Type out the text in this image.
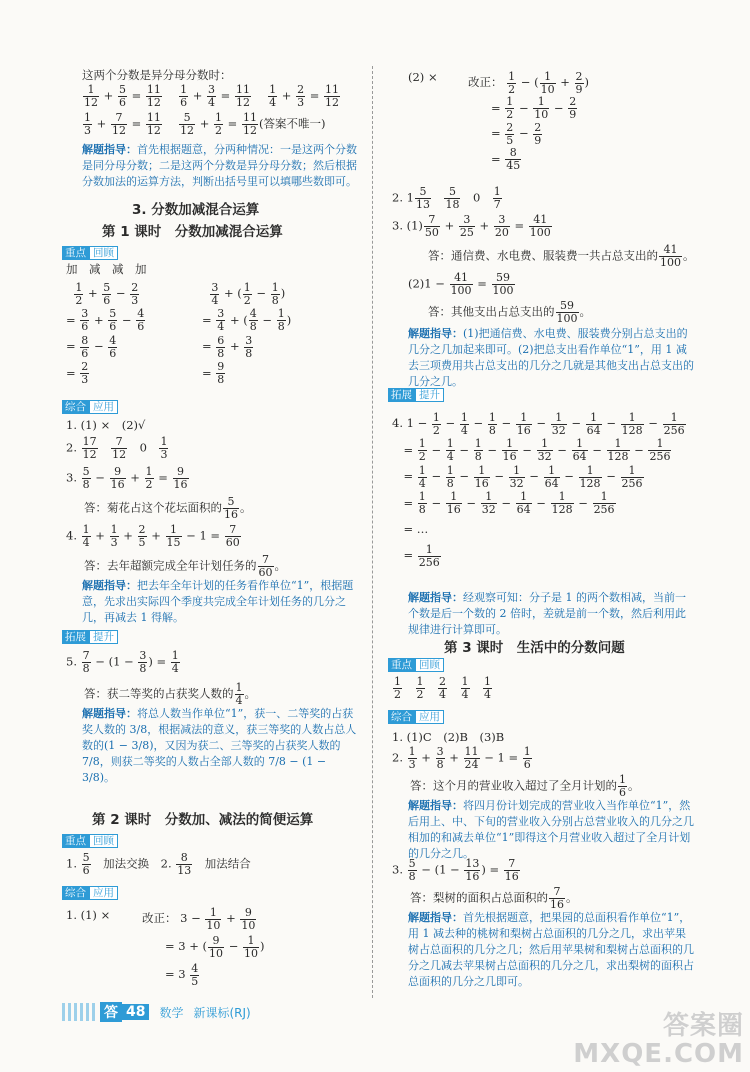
这两个分数是异分母分数时：
$\frac{1}{12} + \frac{5}{6} = \frac{11}{12}$
　 $\frac{1}{6} + \frac{3}{4} = \frac{11}{12}$
　 $\frac{1}{4} + \frac{2}{3} = \frac{11}{12}$
$\frac{1}{3} + \frac{7}{12} = \frac{11}{12}$
　 $\frac{5}{12} + \frac{1}{2} = \frac{11}{12}$ (答案不唯一)
解题指导：首先根据题意，分两种情况：一是这两个分数是同分母分数；二是这两个分数是异分母分数；然后根据分数加法的运算方法，判断出括号里可以填哪些数即可。
3. 分数加减混合运算
第 1 课时　分数加减混合运算
重点 回顾
加　减　减　加

$\frac{1}{2} + \frac{5}{6} - \frac{2}{3}$

= $\frac{3}{6} + \frac{5}{6} - \frac{4}{6}$

= $\frac{8}{6} - \frac{4}{6}$

= $\frac{2}{3}$

$\frac{3}{4}$ + ( $\frac{1}{2} - \frac{1}{8}$ )
= $\frac{3}{4}$ + ( $\frac{4}{8} - \frac{1}{8}$ )
= $\frac{6}{8} + \frac{3}{8}$

= $\frac{9}{8}$
综合 应用
1. (1) ×　(2)√
2. $\frac{17}{12}$
　 $\frac{7}{12}$ 　0　 $\frac{1}{3}$
3. $\frac{5}{8} - \frac{9}{16} + \frac{1}{2} = \frac{9}{16}$
答：菊花占这个花坛面积的 $\frac{5}{16}$ 。
4. $\frac{1}{4} + \frac{1}{3} + \frac{2}{5} + \frac{1}{15} - 1 = \frac{7}{60}$
答：去年超额完成全年计划任务的 $\frac{7}{60}$ 。
解题指导：把去年全年计划的任务看作单位“1”，根据题意，先求出实际四个季度共完成全年计划任务的几分之几，再减去 1 得解。
拓展 提升
5. $\frac{7}{8} - (1 - \frac{3}{8}$ ) = $\frac{1}{4}$
答：获二等奖的占获奖人数的 $\frac{1}{4}$ 。
解题指导：将总人数当作单位“1”，获一、二等奖的占获奖人数的 3/8，根据减法的意义，获三等奖的人数占总人数的(1 − 3/8)，又因为获二、三等奖的占获奖人数的 7/8，则获二等奖的人数占全部人数的 7/8 − (1 − 3/8)。
第 2 课时　分数加、减法的简便运算
重点 回顾
1. $\frac{5}{6}$
　 加法交换　2. $\frac{8}{13}$
　 加法结合
综合 应用
1. (1) ×	改正： $3 - \frac{1}{10} + \frac{9}{10}$

　　= 3 + ( $\frac{9}{10} - \frac{1}{10}$ )
　　= $3 \frac{4}{5}$
(2) ×	改正： $\frac{1}{2}$ − ( $\frac{1}{10} + \frac{2}{9}$ )
　　= $\frac{1}{2} - \frac{1}{10} - \frac{2}{9}$

　　= $\frac{2}{5} - \frac{2}{9}$

　　= $\frac{8}{45}$
2. $1 \frac{5}{13}$
　 $\frac{5}{18}$ 　0　 $\frac{1}{7}$
3. $(1) \frac{7}{50} + \frac{3}{25} + \frac{3}{20} = \frac{41}{100}$
答：通信费、水电费、服装费一共占总支出的 $\frac{41}{100}$ 。
$(2)1 - \frac{41}{100} = \frac{59}{100}$
答：其他支出占总支出的 $\frac{59}{100}$ 。
解题指导：(1)把通信费、水电费、服装费分别占总支出的几分之几加起来即可。(2)把总支出看作单位“1”，用 1 减去三项费用共占总支出的几分之几就是其他支出占总支出的几分之几。
拓展 提升
4. $1 - \frac{1}{2} - \frac{1}{4} - \frac{1}{8} - \frac{1}{16} - \frac{1}{32} - \frac{1}{64} - \frac{1}{128} - \frac{1}{256}$

　= $\frac{1}{2} - \frac{1}{4} - \frac{1}{8} - \frac{1}{16} - \frac{1}{32} - \frac{1}{64} - \frac{1}{128} - \frac{1}{256}$

　= $\frac{1}{4} - \frac{1}{8} - \frac{1}{16} - \frac{1}{32} - \frac{1}{64} - \frac{1}{128} - \frac{1}{256}$

　= $\frac{1}{8} - \frac{1}{16} - \frac{1}{32} - \frac{1}{64} - \frac{1}{128} - \frac{1}{256}$

　= …
　= $\frac{1}{256}$
解题指导：经观察可知：分子是 1 的两个数相减，当前一个数是后一个数的 2 倍时，差就是前一个数，然后利用此规律进行计算即可。
第 3 课时　生活中的分数问题
重点 回顾
$\frac{1}{2}$
　 $\frac{1}{2}$
　 $\frac{2}{4}$
　 $\frac{1}{4}$
　 $\frac{1}{4}$
综合 应用
1. (1)C　(2)B　(3)B
2. $\frac{1}{3} + \frac{3}{8} + \frac{11}{24} - 1 = \frac{1}{6}$
答：这个月的营业收入超过了全月计划的 $\frac{1}{6}$ 。
解题指导：将四月份计划完成的营业收入当作单位“1”，然后用上、中、下旬的营业收入分别占总营业收入的几分之几相加的和减去单位“1”即得这个月营业收入超过了全月计划的几分之几。
3. $\frac{5}{8} - (1 - \frac{13}{16}$ ) = $\frac{7}{16}$
答：梨树的面积占总面积的 $\frac{7}{16}$ 。
解题指导：首先根据题意，把果园的总面积看作单位“1”，用 1 减去种的桃树和梨树占总面积的几分之几，求出苹果树占总面积的几分之几；然后用苹果树和梨树占总面积的几分之几减去苹果树占总面积的几分之几，求出梨树的面积占总面积的几分之几即可。
答 48	数学 新课标(RJ)	答案圈
MXQE.COM
